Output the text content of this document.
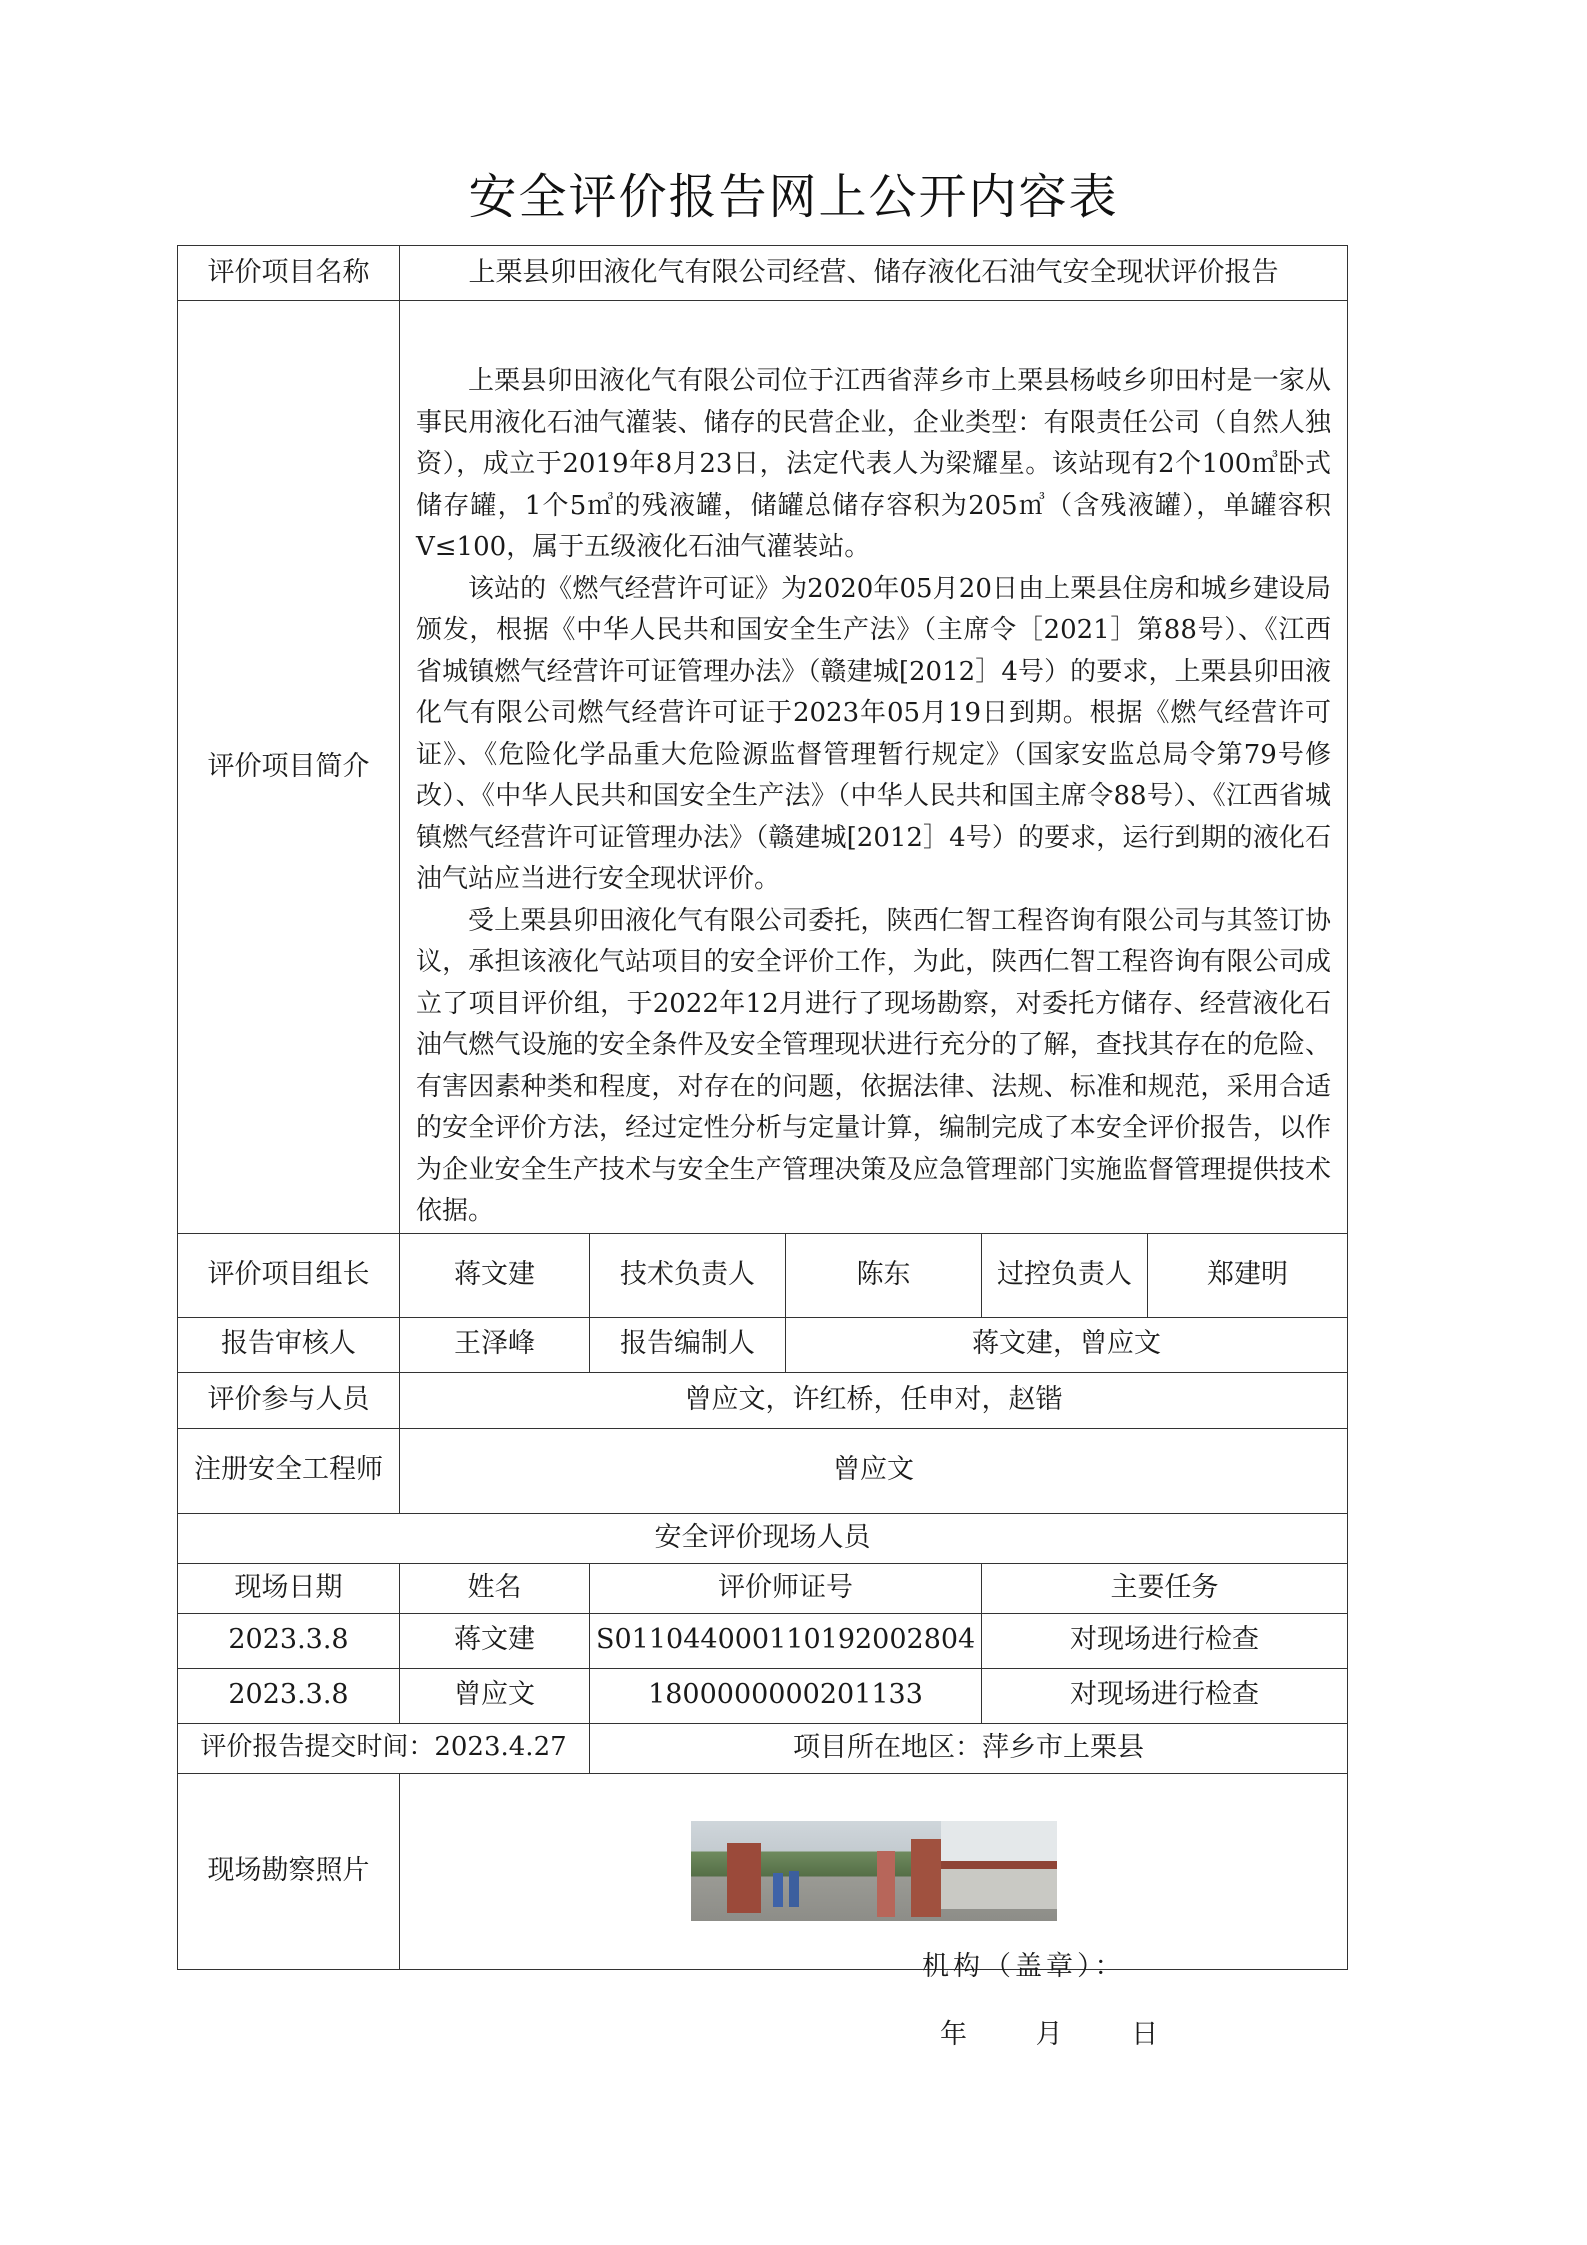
安全评价报告网上公开内容表
评价项目名称	上栗县卯田液化气有限公司经营、储存液化石油气安全现状评价报告				
评价项目简介	上栗县卯田液化气有限公司位于江西省萍乡市上栗县杨岐乡卯田村是一家从事民用液化石油气灌装、储存的民营企业，企业类型：有限责任公司（自然人独资），成立于2019年8月23日，法定代表人为梁耀星。该站现有2个100㎥卧式储存罐，1个5㎥的残液罐，储罐总储存容积为205㎥（含残液罐），单罐容积V≤100，属于五级液化石油气灌装站。

该站的《燃气经营许可证》为2020年05月20日由上栗县住房和城乡建设局颁发，根据《中华人民共和国安全生产法》（主席令［2021］第88号）、《江西省城镇燃气经营许可证管理办法》（赣建城[2012］4号）的要求，上栗县卯田液化气有限公司燃气经营许可证于2023年05月19日到期。根据《燃气经营许可证》、《危险化学品重大危险源监督管理暂行规定》（国家安监总局令第79号修改）、《中华人民共和国安全生产法》（中华人民共和国主席令88号）、《江西省城镇燃气经营许可证管理办法》（赣建城[2012］4号）的要求，运行到期的液化石油气站应当进行安全现状评价。

受上栗县卯田液化气有限公司委托，陕西仁智工程咨询有限公司与其签订协议，承担该液化气站项目的安全评价工作，为此，陕西仁智工程咨询有限公司成立了项目评价组，于2022年12月进行了现场勘察，对委托方储存、经营液化石油气燃气设施的安全条件及安全管理现状进行充分的了解，查找其存在的危险、有害因素种类和程度，对存在的问题，依据法律、法规、标准和规范，采用合适的安全评价方法，经过定性分析与定量计算，编制完成了本安全评价报告，以作为企业安全生产技术与安全生产管理决策及应急管理部门实施监督管理提供技术依据。				

评价项目组长	蒋文建	技术负责人	陈东	过控负责人	郑建明
报告审核人	王泽峰	报告编制人	蒋文建，曾应文		
评价参与人员	曾应文，许红桥，任申对，赵锴				
注册安全工程师	曾应文				
安全评价现场人员					
现场日期	姓名	评价师证号		主要任务	
2023.3.8	蒋文建	S011044000110192002804		对现场进行检查	
2023.3.8	曾应文	1800000000201133		对现场进行检查	
评价报告提交时间：2023.4.27		项目所在地区：萍乡市上栗县			
现场勘察照片					
机构（盖章）：
年	月	日
